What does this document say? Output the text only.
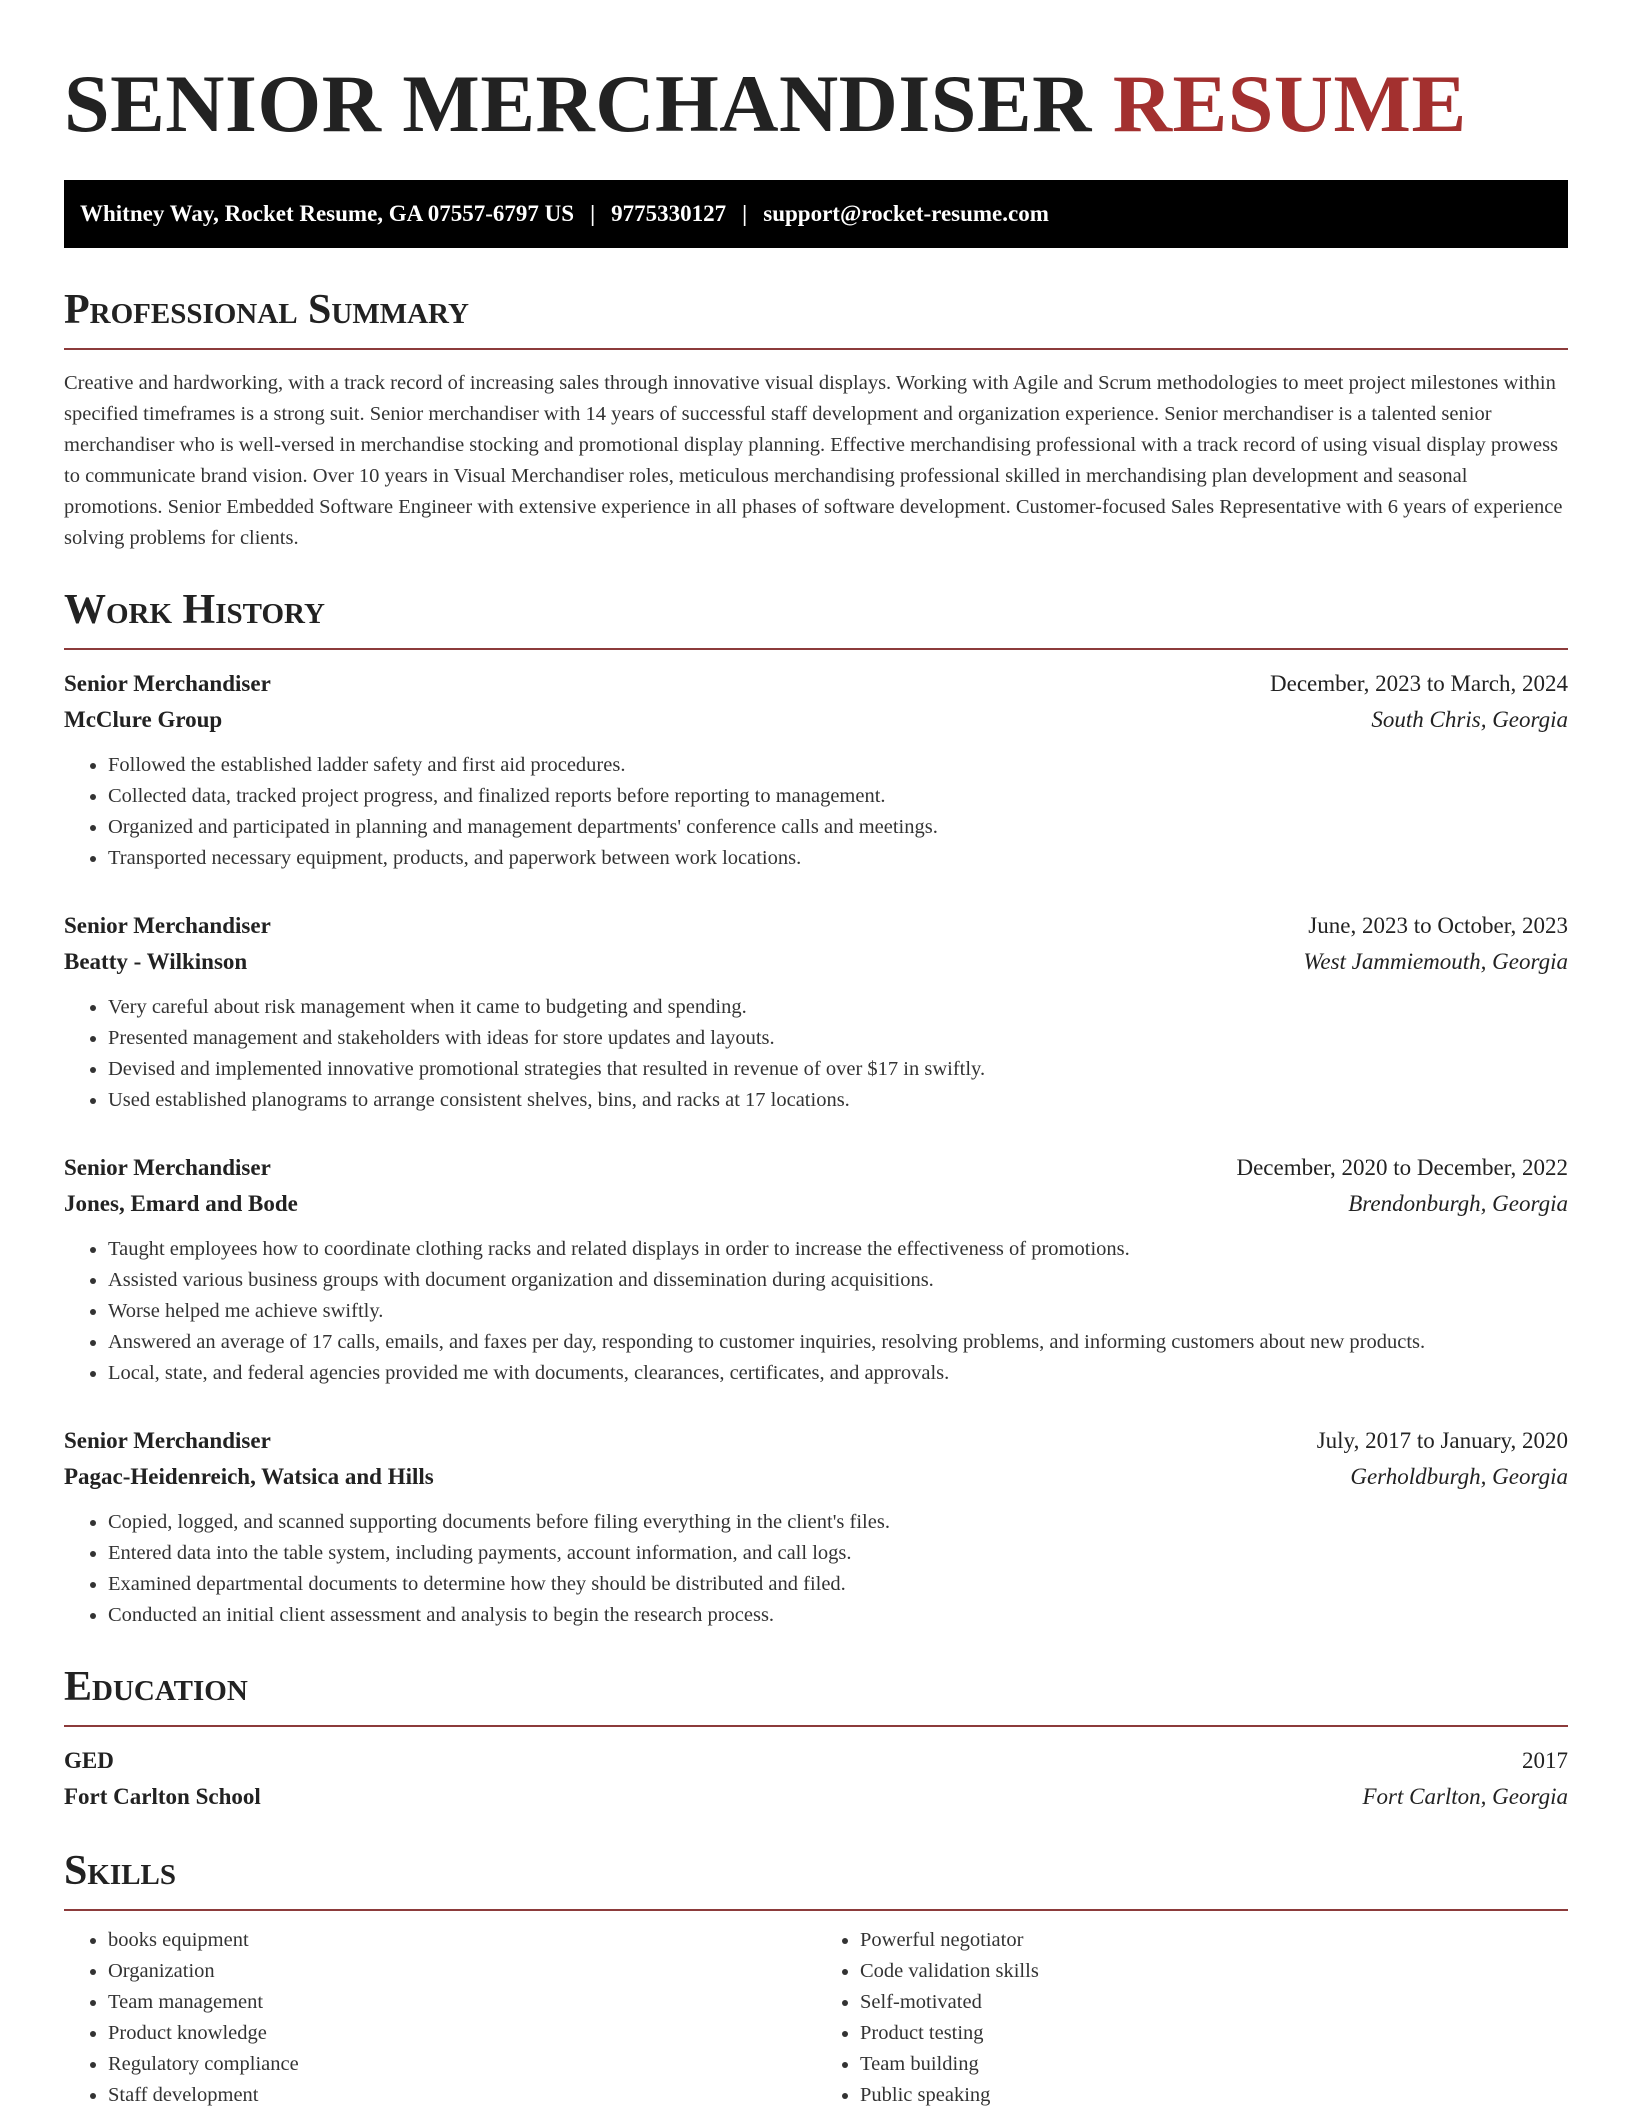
SENIOR MERCHANDISER RESUME
Whitney Way, Rocket Resume, GA 07557-6797 US | 9775330127 | support@rocket-resume.com
Professional Summary

Creative and hardworking, with a track record of increasing sales through innovative visual displays. Working with Agile and Scrum methodologies to meet project milestones within specified timeframes is a strong suit. Senior merchandiser with 14 years of successful staff development and organization experience. Senior merchandiser is a talented senior merchandiser who is well-versed in merchandise stocking and promotional display planning. Effective merchandising professional with a track record of using visual display prowess to communicate brand vision. Over 10 years in Visual Merchandiser roles, meticulous merchandising professional skilled in merchandising plan development and seasonal promotions. Senior Embedded Software Engineer with extensive experience in all phases of software development. Customer-focused Sales Representative with 6 years of experience solving problems for clients.

Work History
Senior Merchandiser	December, 2023 to March, 2024
McClure Group	South Chris, Georgia
• Followed the established ladder safety and first aid procedures.
• Collected data, tracked project progress, and finalized reports before reporting to management.
• Organized and participated in planning and management departments' conference calls and meetings.
• Transported necessary equipment, products, and paperwork between work locations.
Senior Merchandiser	June, 2023 to October, 2023
Beatty - Wilkinson	West Jammiemouth, Georgia
• Very careful about risk management when it came to budgeting and spending.
• Presented management and stakeholders with ideas for store updates and layouts.
• Devised and implemented innovative promotional strategies that resulted in revenue of over $17 in swiftly.
• Used established planograms to arrange consistent shelves, bins, and racks at 17 locations.
Senior Merchandiser	December, 2020 to December, 2022
Jones, Emard and Bode	Brendonburgh, Georgia
• Taught employees how to coordinate clothing racks and related displays in order to increase the effectiveness of promotions.
• Assisted various business groups with document organization and dissemination during acquisitions.
• Worse helped me achieve swiftly.
• Answered an average of 17 calls, emails, and faxes per day, responding to customer inquiries, resolving problems, and informing customers about new products.
• Local, state, and federal agencies provided me with documents, clearances, certificates, and approvals.
Senior Merchandiser	July, 2017 to January, 2020
Pagac-Heidenreich, Watsica and Hills	Gerholdburgh, Georgia
• Copied, logged, and scanned supporting documents before filing everything in the client's files.
• Entered data into the table system, including payments, account information, and call logs.
• Examined departmental documents to determine how they should be distributed and filed.
• Conducted an initial client assessment and analysis to begin the research process.
Education
GED	2017
Fort Carlton School	Fort Carlton, Georgia
Skills
• books equipment
• Organization
• Team management
• Product knowledge
• Regulatory compliance
• Staff development
• Powerful negotiator
• Code validation skills
• Self-motivated
• Product testing
• Team building
• Public speaking
